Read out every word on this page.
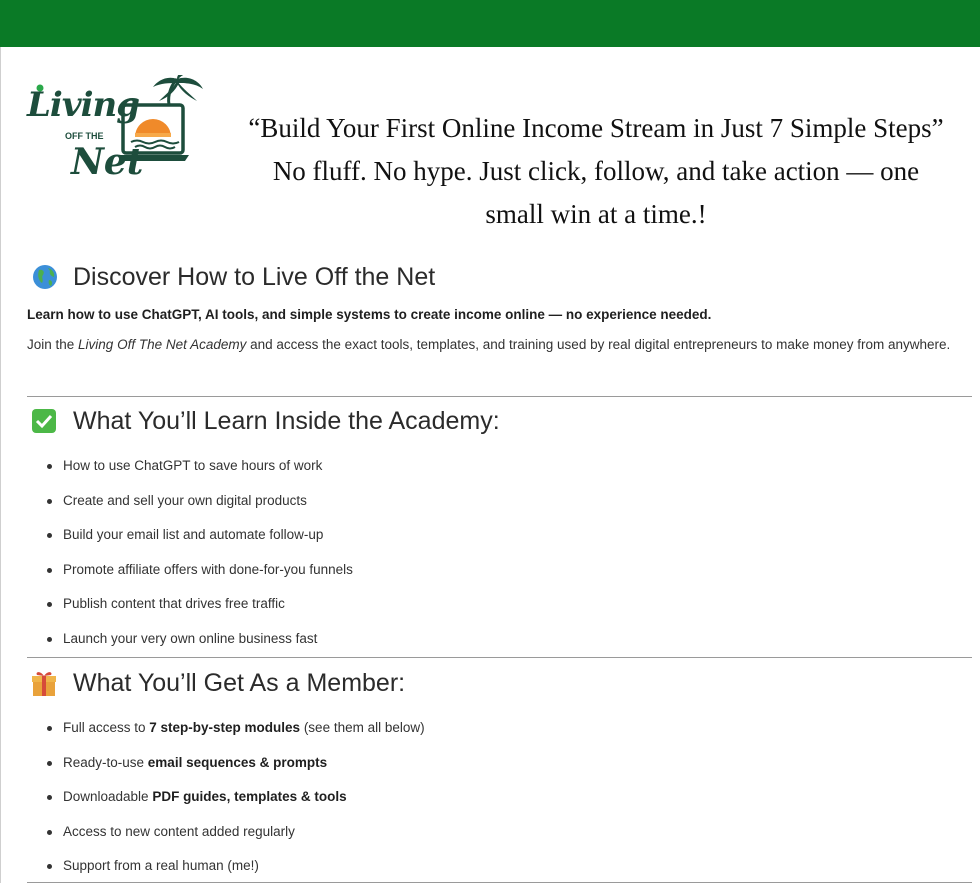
Living
OFF THE
Net
“Build Your First Online Income Stream in Just 7 Simple Steps”
No fluff. No hype. Just click, follow, and take action — one
small win at a time.!
Discover How to Live Off the Net
Learn how to use ChatGPT, AI tools, and simple systems to create income online — no experience needed.
Join the Living Off The Net Academy and access the exact tools, templates, and training used by real digital entrepreneurs to make money from anywhere.
What You’ll Learn Inside the Academy:
How to use ChatGPT to save hours of work
Create and sell your own digital products
Build your email list and automate follow-up
Promote affiliate offers with done-for-you funnels
Publish content that drives free traffic
Launch your very own online business fast
What You’ll Get As a Member:
Full access to 7 step-by-step modules (see them all below)
Ready-to-use email sequences & prompts
Downloadable PDF guides, templates & tools
Access to new content added regularly
Support from a real human (me!)
